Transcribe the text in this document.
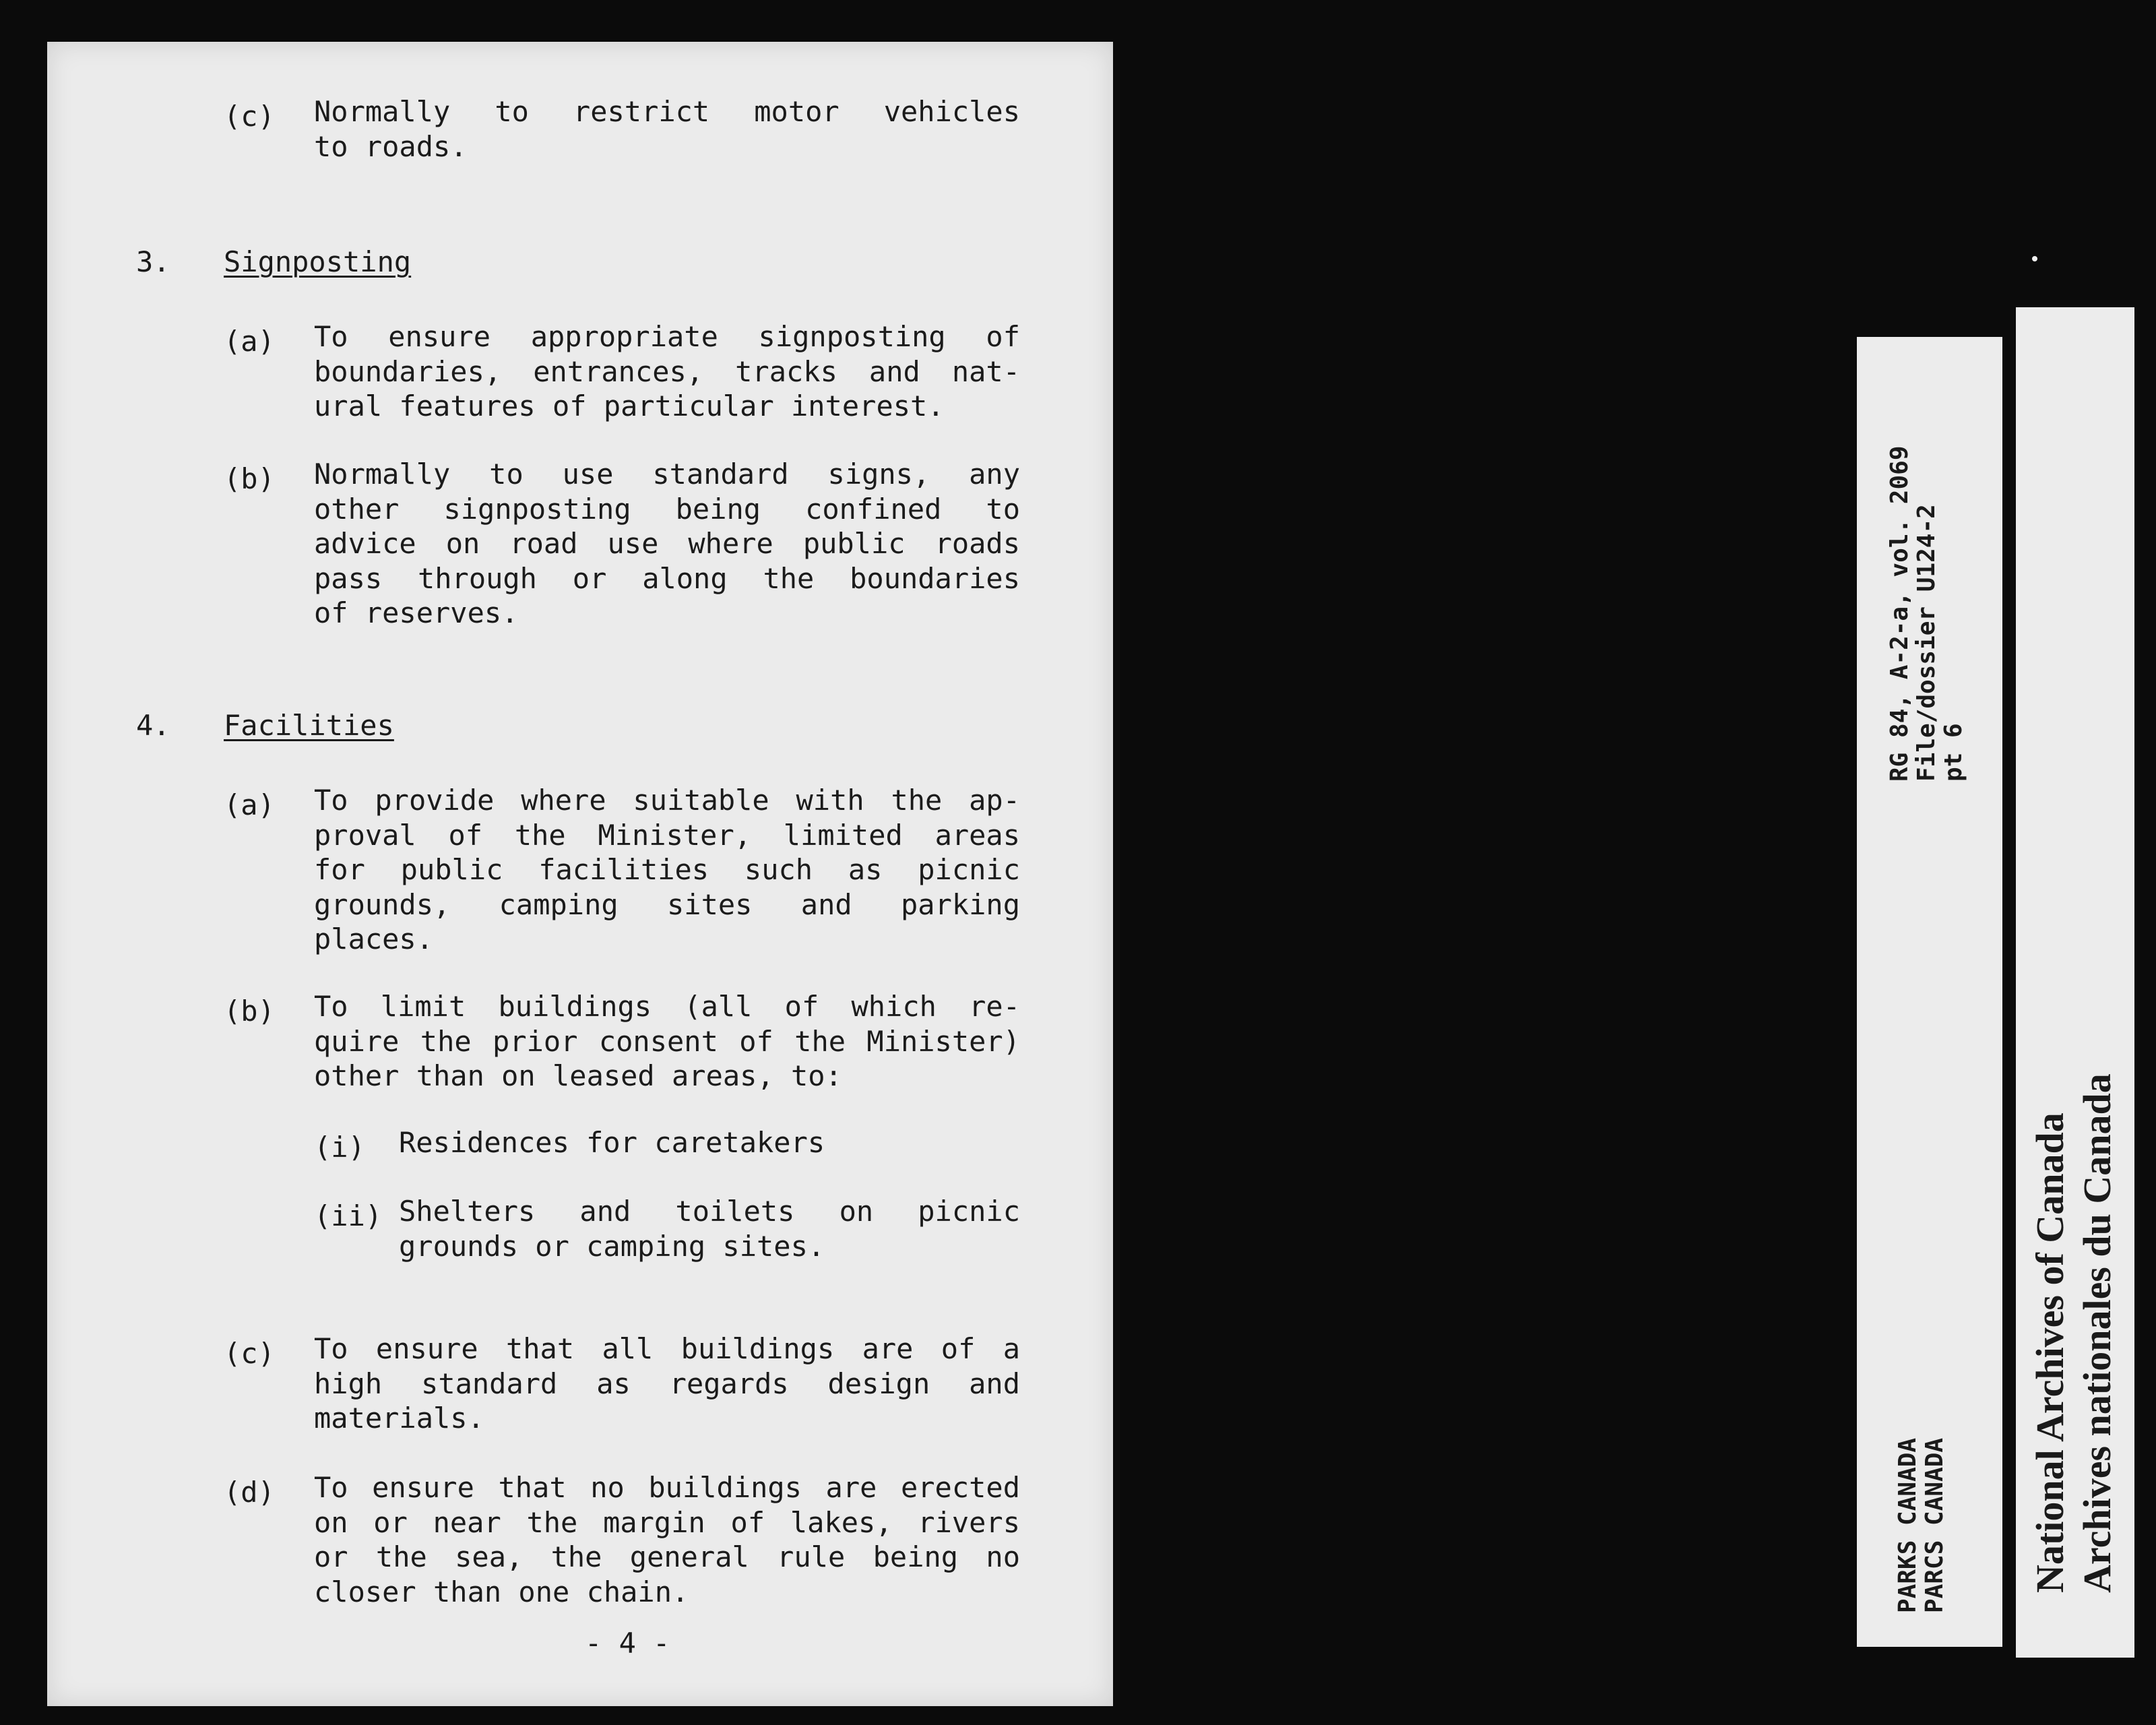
(c) Normally to restrict motor vehicles
to roads.
3. Signposting
(a) To ensure appropriate signposting of
boundaries, entrances, tracks and nat-
ural features of particular interest.
(b) Normally to use standard signs, any
other signposting being confined to
advice on road use where public roads
pass through or along the boundaries
of reserves.
4. Facilities
(a) To provide where suitable with the ap-
proval of the Minister, limited areas
for public facilities such as picnic
grounds, camping sites and parking
places.
(b) To limit buildings (all of which re-
quire the prior consent of the Minister)
other than on leased areas, to:
(i) Residences for caretakers
(ii) Shelters and toilets on picnic
grounds or camping sites.
(c) To ensure that all buildings are of a
high standard as regards design and
materials.
(d) To ensure that no buildings are erected
on or near the margin of lakes, rivers
or the sea, the general rule being no
closer than one chain.
- 4 -
RG 84, A-2-a, vol. 2069 File/dossier U124-2 pt 6
PARKS CANADA PARCS CANADA National Archives of Canada Archives nationales du Canada
